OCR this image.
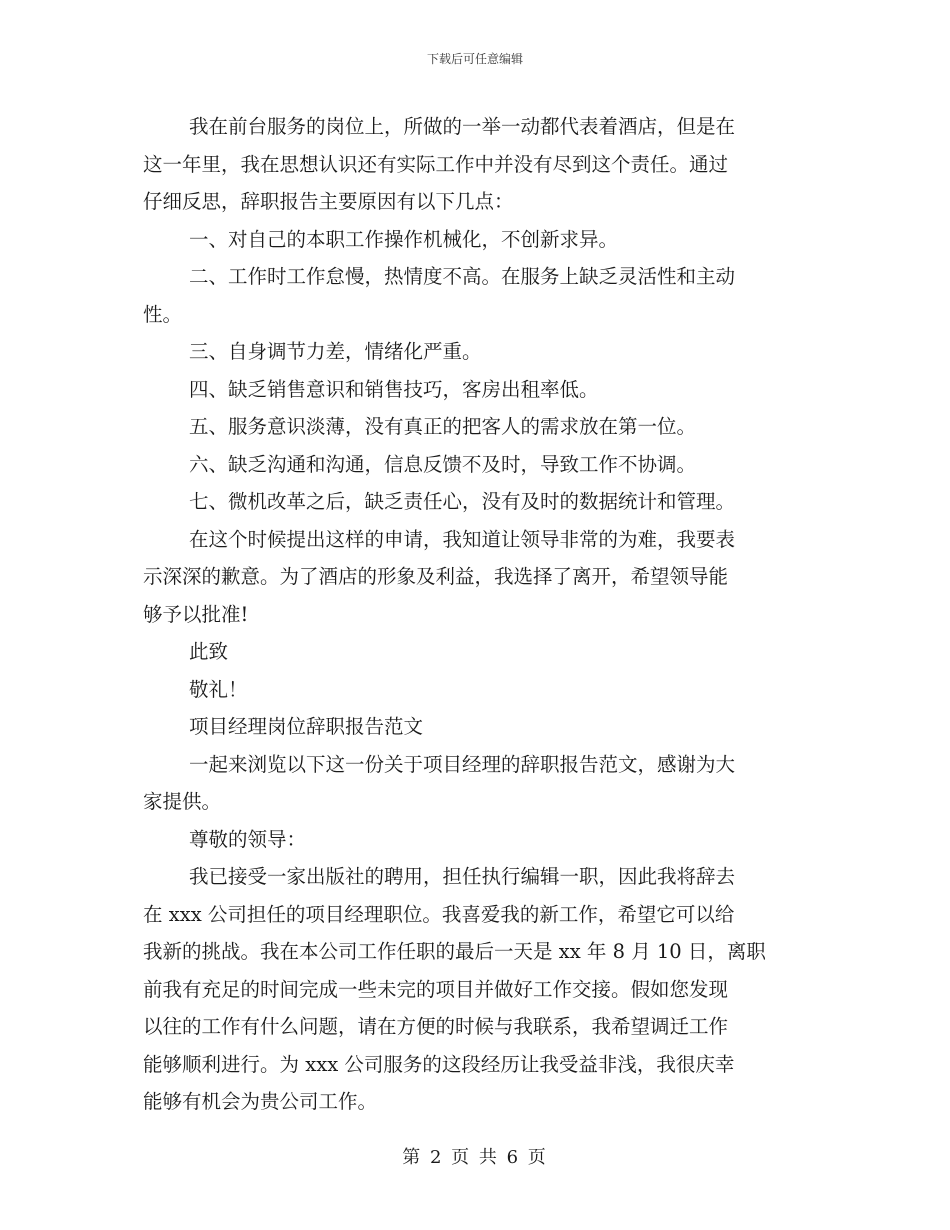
下载后可任意编辑
我在前台服务的岗位上，所做的一举一动都代表着酒店，但是在
这一年里，我在思想认识还有实际工作中并没有尽到这个责任。通过
仔细反思，辞职报告主要原因有以下几点：
一、对自己的本职工作操作机械化，不创新求异。
二、工作时工作怠慢，热情度不高。在服务上缺乏灵活性和主动
性。
三、自身调节力差，情绪化严重。
四、缺乏销售意识和销售技巧，客房出租率低。
五、服务意识淡薄，没有真正的把客人的需求放在第一位。
六、缺乏沟通和沟通，信息反馈不及时，导致工作不协调。
七、微机改革之后，缺乏责任心，没有及时的数据统计和管理。
在这个时候提出这样的申请，我知道让领导非常的为难，我要表
示深深的歉意。为了酒店的形象及利益，我选择了离开，希望领导能
够予以批准!
此致
敬礼！
项目经理岗位辞职报告范文
一起来浏览以下这一份关于项目经理的辞职报告范文，感谢为大
家提供。
尊敬的领导：
我已接受一家出版社的聘用，担任执行编辑一职，因此我将辞去
在 xxx 公司担任的项目经理职位。我喜爱我的新工作，希望它可以给
我新的挑战。我在本公司工作任职的最后一天是 xx 年 8 月 10 日，离职
前我有充足的时间完成一些未完的项目并做好工作交接。假如您发现
以往的工作有什么问题，请在方便的时候与我联系，我希望调迁工作
能够顺利进行。为 xxx 公司服务的这段经历让我受益非浅，我很庆幸
能够有机会为贵公司工作。
第 2 页 共 6 页
